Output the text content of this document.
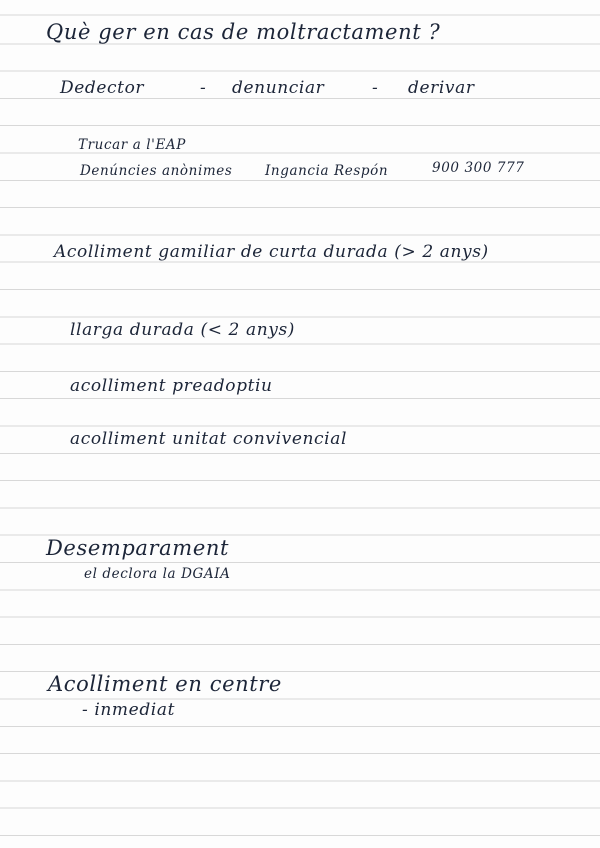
Què ger en cas de moltractament ?
Dedector	- denunciar	- derivar
Trucar a l'EAP
Denúncies anònimes Ingancia Respón	900 300 777
Acolliment gamiliar de curta durada (> 2 anys)
llarga durada (< 2 anys)
acolliment preadoptiu
acolliment unitat convivencial
Desemparament
el declora la DGAIA
Acolliment en centre
- inmediat
